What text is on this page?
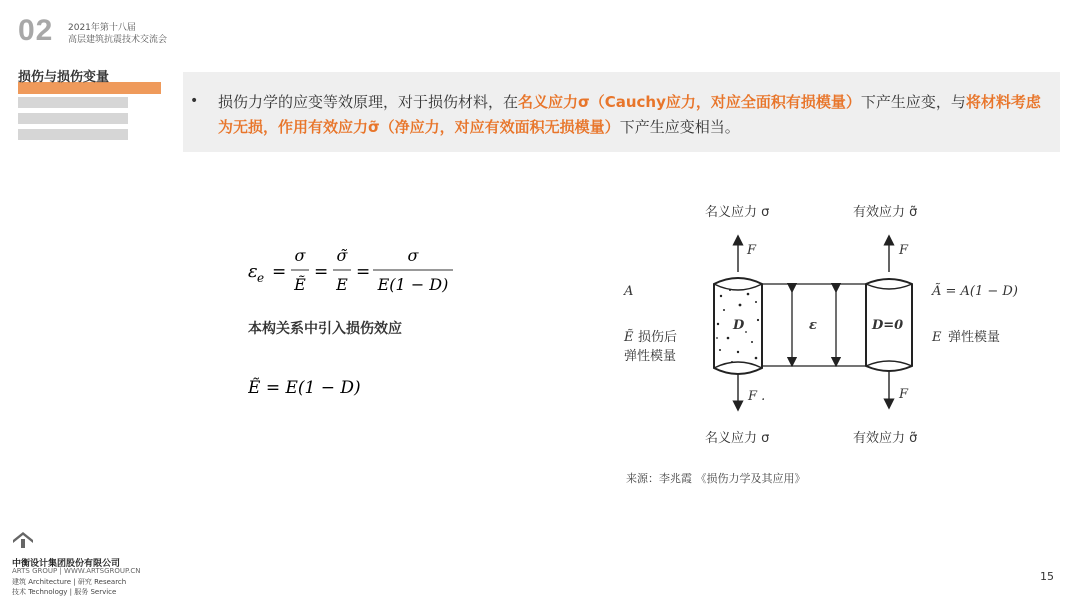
02 2021年第十八届
高层建筑抗震技术交流会
损伤与损伤变量
• 损伤力学的应变等效原理，对于损伤材料，在名义应力σ（Cauchy应力，对应全面积有损模量）下产生应变，与将材料考虑为无损，作用有效应力σ̃（净应力，对应有效面积无损模量）下产生应变相当。
ε e =
σ
Ẽ
=
σ̃
E
=
σ
E(1 − D)
本构关系中引入损伤效应
Ẽ = E(1 − D)
名义应力 σ	有效应力 σ̃
F	F
D	ε	D=0
F .	F
A	Ã = A(1 − D)
Ẽ 损伤后
弹性模量
E 弹性模量
名义应力 σ	有效应力 σ̃
来源：李兆霞 《损伤力学及其应用》
中衡设计集团股份有限公司
ARTS GROUP | WWW.ARTSGROUP.CN
建筑 Architecture | 研究 Research
技术 Technology | 服务 Service
15
